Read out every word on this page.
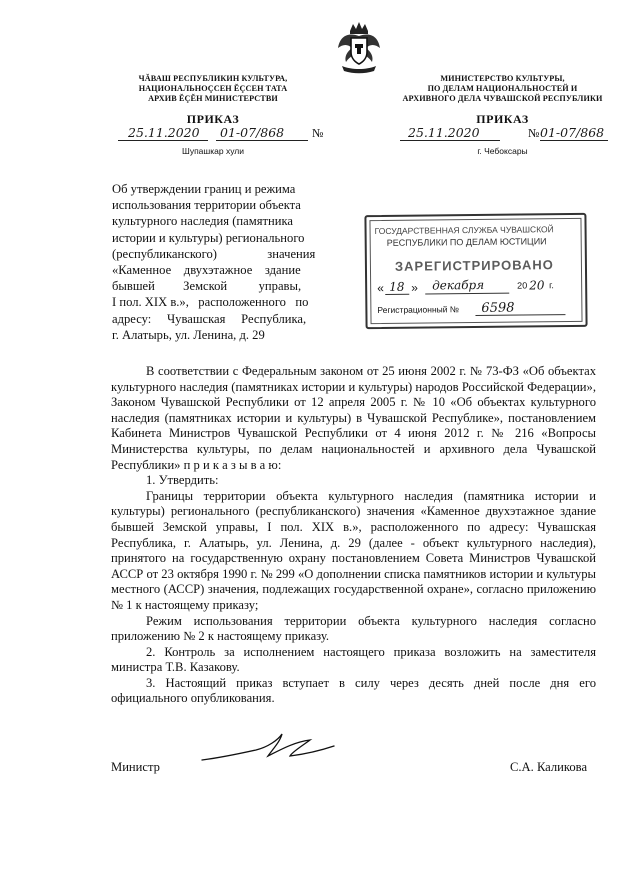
ЧĂВАШ РЕСПУБЛИКИН КУЛЬТУРА,
НАЦИОНАЛЬНОÇСЕН ĔÇСЕН ТАТА
АРХИВ ĔÇĔН МИНИСТЕРСТВИ
ПРИКАЗ
25.11.2020 01-07/868 №
Шупашкар хули
МИНИСТЕРСТВО КУЛЬТУРЫ,
ПО ДЕЛАМ НАЦИОНАЛЬНОСТЕЙ И
АРХИВНОГО ДЕЛА ЧУВАШСКОЙ РЕСПУБЛИКИ
ПРИКАЗ
25.11.2020	№ 01-07/868
г. Чебоксары
Об утверждении границ и режима
использования территории объекта
культурного наследия (памятника
истории и культуры) регионального
(республиканского)                значения
«Каменное    двухэтажное    здание
бывшей         Земской          управы,
I пол. XIX в.»,   расположенного   по
адресу:     Чувашская     Республика,
г. Алатырь, ул. Ленина, д. 29
ГОСУДАРСТВЕННАЯ СЛУЖБА ЧУВАШСКОЙ
РЕСПУБЛИКИ ПО ДЕЛАМ ЮСТИЦИИ
ЗАРЕГИСТРИРОВАНО
« 18 » декабря	20 20 г.
Регистрационный № 6598

В соответствии с Федеральным законом от 25 июня 2002 г. № 73-ФЗ «Об объектах культурного наследия (памятниках истории и культуры) народов Российской Федерации», Законом Чувашской Республики от 12 апреля 2005 г. № 10 «Об объектах культурного наследия (памятниках истории и культуры) в Чувашской Республике», постановлением Кабинета Министров Чувашской Республики от 4 июня 2012 г. № 216 «Вопросы Министерства культуры, по делам национальностей и архивного дела Чувашской Республики» п р и к а з ы в а ю:

1. Утвердить:

Границы территории объекта культурного наследия (памятника истории и культуры) регионального (республиканского) значения «Каменное двухэтажное здание бывшей Земской управы, I пол. XIX в.», расположенного по адресу: Чувашская Республика, г. Алатырь, ул. Ленина, д. 29 (далее - объект культурного наследия), принятого на государственную охрану постановлением Совета Министров Чувашской АССР от 23 октября 1990 г. № 299 «О дополнении списка памятников истории и культуры местного (АССР) значения, подлежащих государственной охране», согласно приложению № 1 к настоящему приказу;

Режим использования территории объекта культурного наследия согласно приложению № 2 к настоящему приказу.

2. Контроль за исполнением настоящего приказа возложить на заместителя министра Т.В. Казакову.

3. Настоящий приказ вступает в силу через десять дней после дня его официального опубликования.

Министр	С.А. Каликова
